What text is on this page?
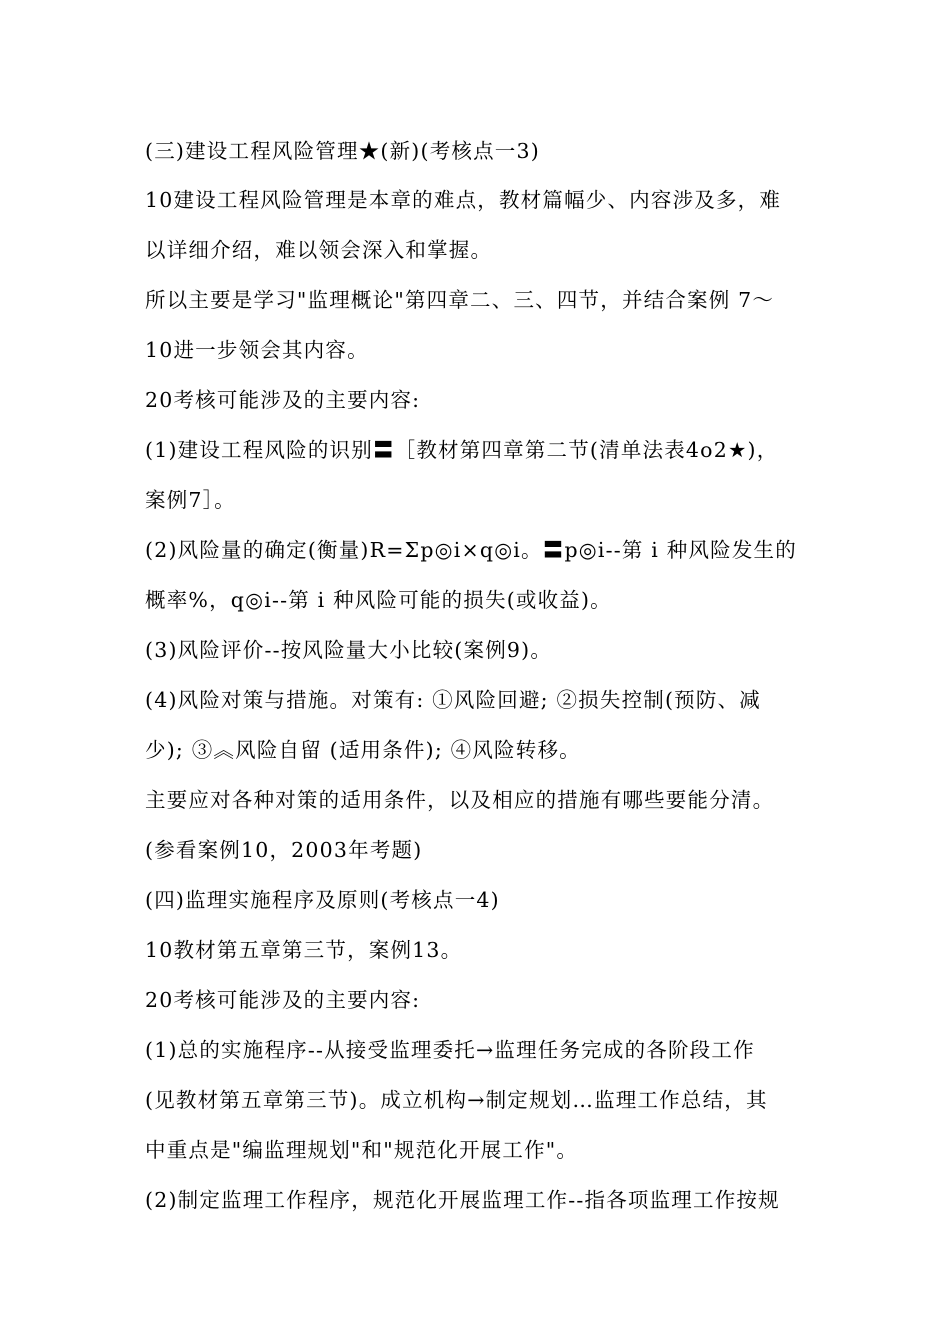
(三)建设工程风险管理★(新)(考核点一3)
10建设工程风险管理是本章的难点，教材篇幅少、内容涉及多，难
以详细介绍，难以领会深入和掌握。
所以主要是学习"监理概论"第四章二、三、四节，并结合案例 7～
10进一步领会其内容。
20考核可能涉及的主要内容:
(1)建设工程风险的识别〓［教材第四章第二节(清单法表4o2★)，
案例7］。
(2)风险量的确定(衡量)R=Σp◎i×q◎i。〓p◎i--第 i 种风险发生的
概率%，q◎i--第 i 种风险可能的损失(或收益)。
(3)风险评价--按风险量大小比较(案例9)。
(4)风险对策与措施。对策有: ①风险回避; ②损失控制(预防、减
少); ③︽风险自留 (适用条件); ④风险转移。
主要应对各种对策的适用条件，以及相应的措施有哪些要能分清。
(参看案例10，2003年考题)
(四)监理实施程序及原则(考核点一4)
10教材第五章第三节，案例13。
20考核可能涉及的主要内容:
(1)总的实施程序--从接受监理委托→监理任务完成的各阶段工作
(见教材第五章第三节)。成立机构→制定规划…监理工作总结，其
中重点是"编监理规划"和"规范化开展工作"。
(2)制定监理工作程序，规范化开展监理工作--指各项监理工作按规
